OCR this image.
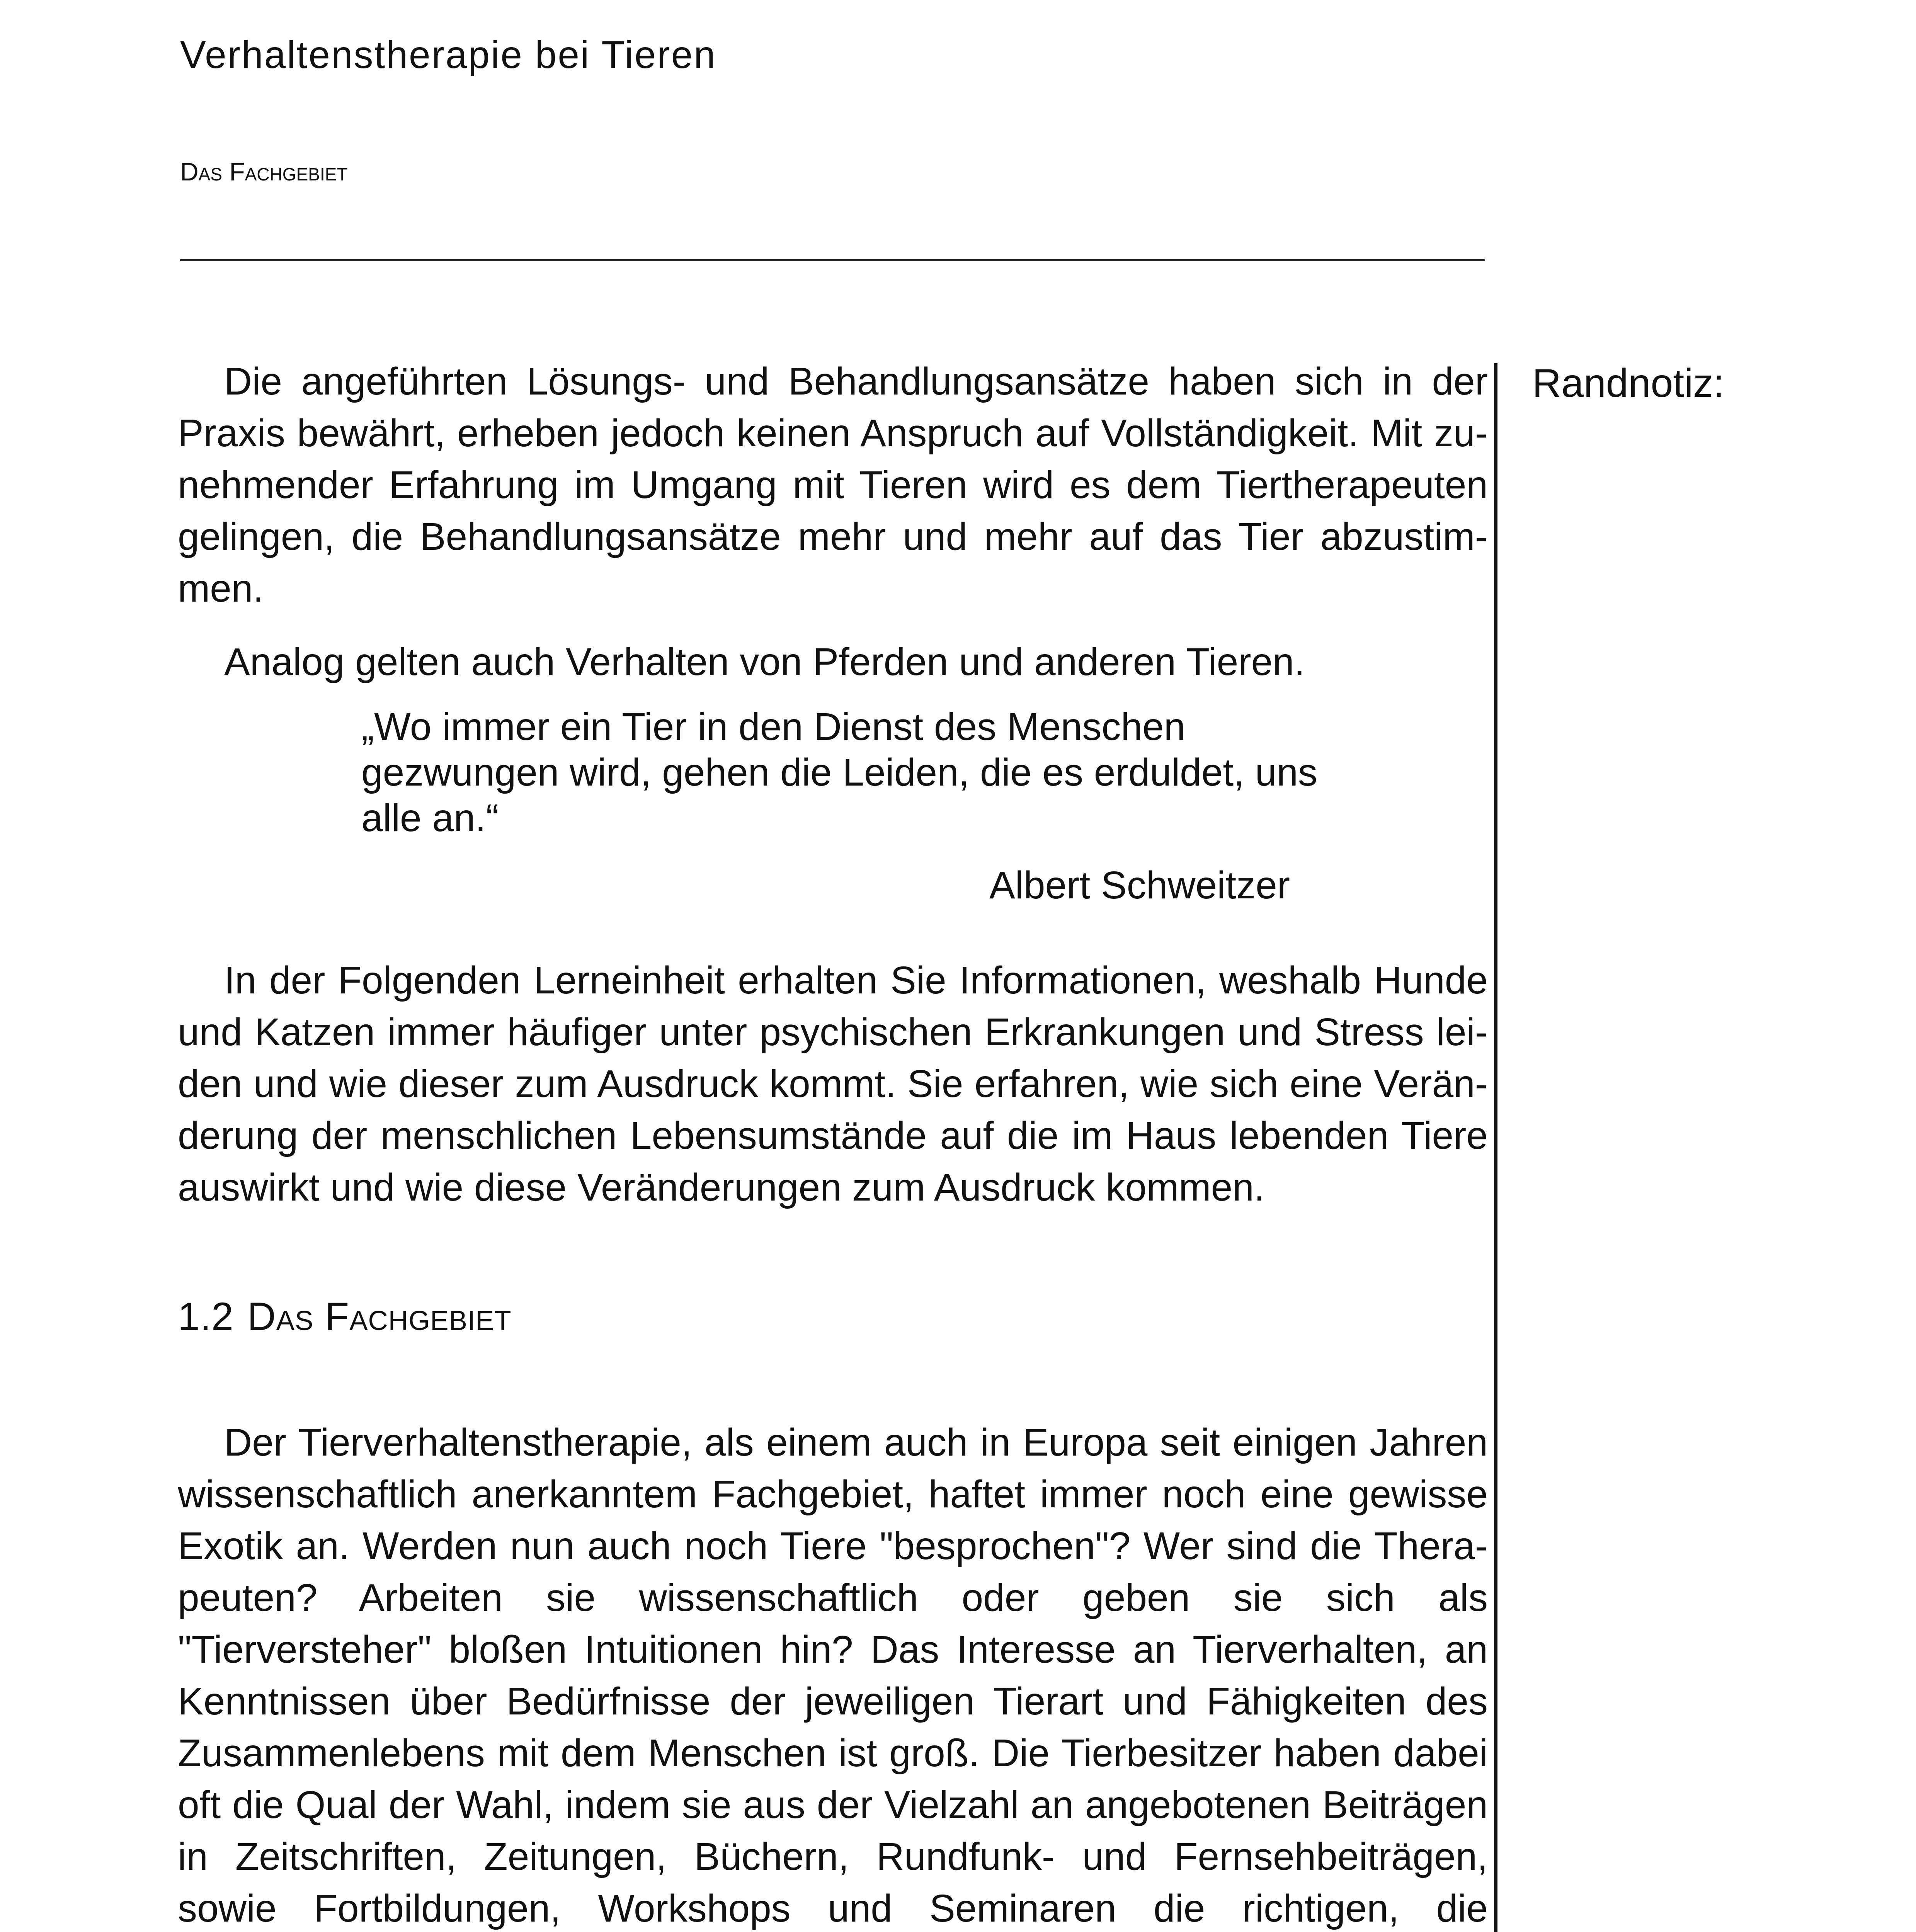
Verhaltenstherapie bei Tieren
Das Fachgebiet
Randnotiz:

Die angeführten Lösungs- und Behandlungsansätze haben sich in der Praxis bewährt, erheben jedoch keinen Anspruch auf Vollständigkeit. Mit zunehmender Erfahrung im Umgang mit Tieren wird es dem Tiertherapeuten gelingen, die Behandlungsansätze mehr und mehr auf das Tier abzustimmen.

Analog gelten auch Verhalten von Pferden und anderen Tieren.

„Wo immer ein Tier in den Dienst des Menschen gezwungen wird, gehen die Leiden, die es erduldet, uns alle an.“
Albert Schweitzer

In der Folgenden Lerneinheit erhalten Sie Informationen, weshalb Hunde und Katzen immer häufiger unter psychischen Erkrankungen und Stress leiden und wie dieser zum Ausdruck kommt. Sie erfahren, wie sich eine Veränderung der menschlichen Lebensumstände auf die im Haus lebenden Tiere auswirkt und wie diese Veränderungen zum Ausdruck kommen.

1.2 Das Fachgebiet

Der Tierverhaltenstherapie, als einem auch in Europa seit einigen Jahren wissenschaftlich anerkanntem Fachgebiet, haftet immer noch eine gewisse Exotik an. Werden nun auch noch Tiere "besprochen"? Wer sind die Therapeuten? Arbeiten sie wissenschaftlich oder geben sie sich als "Tierversteher" bloßen Intuitionen hin? Das Interesse an Tierverhalten, an Kenntnissen über Bedürfnisse der jeweiligen Tierart und Fähigkeiten des Zusammenlebens mit dem Menschen ist groß. Die Tierbesitzer haben dabei oft die Qual der Wahl, indem sie aus der Vielzahl an angebotenen Beiträgen in Zeitschriften, Zeitungen, Büchern, Rundfunk- und Fernsehbeiträgen, sowie Fortbildungen, Workshops und Seminaren die richtigen, die
